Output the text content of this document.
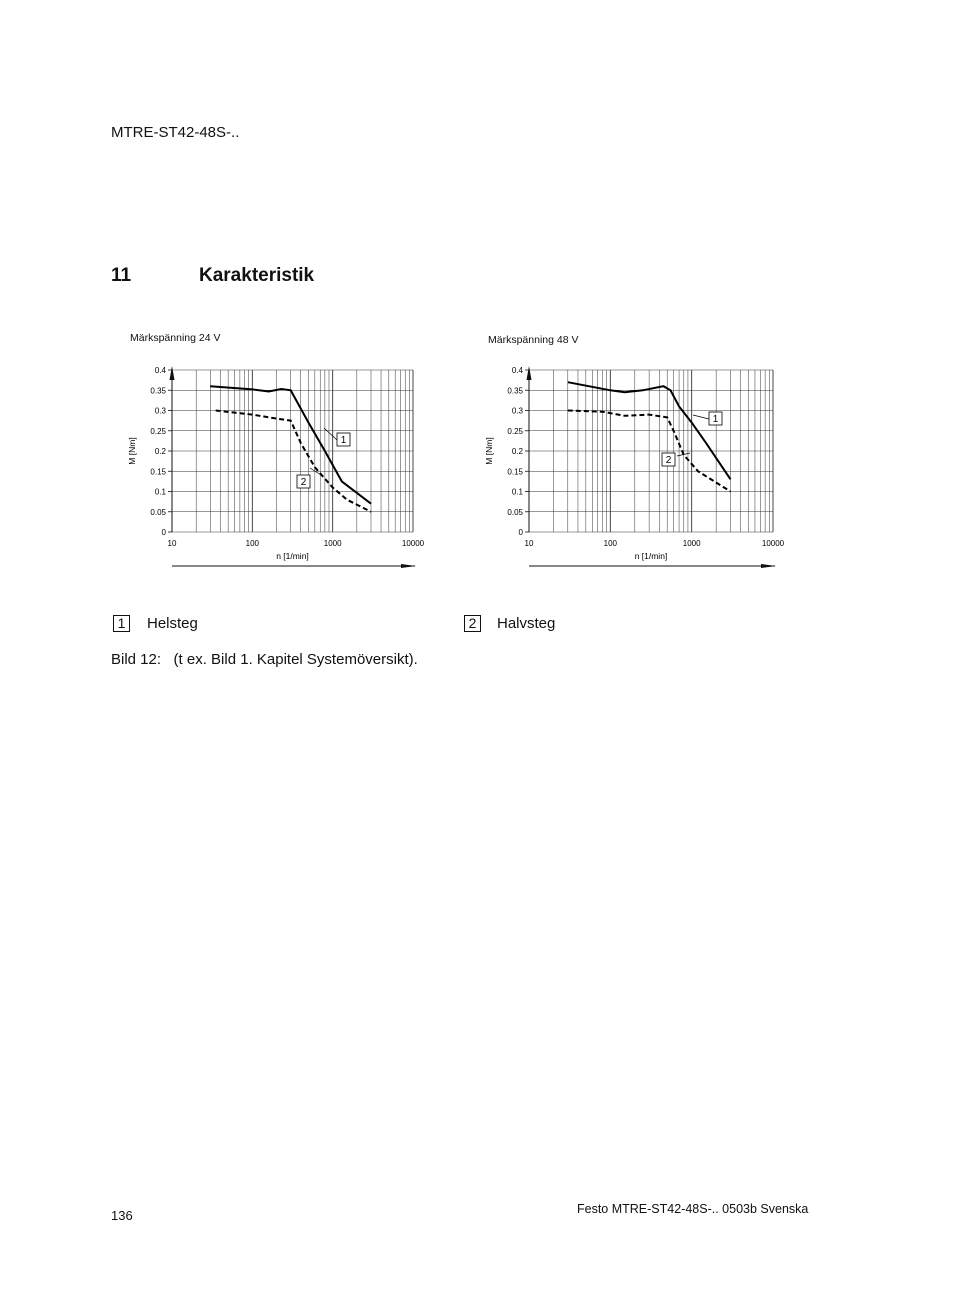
MTRE-ST42-48S-..
11	Karakteristik
Märkspänning 24 V
0
0.05
0.1
0.15
0.2
0.25
0.3
0.35
0.4
10	100	1000	10000
n [1/min]
M [Nm]	1
2
Märkspänning 48 V
0
0.05
0.1
0.15
0.2
0.25
0.3
0.35
0.4
10	100	1000	10000
n [1/min]
M [Nm]
1
2
1	Helsteg	2	Halvsteg
Bild 12:   (t ex. Bild 1. Kapitel Systemöversikt).
136	Festo MTRE-ST42-48S-.. 0503b Svenska
